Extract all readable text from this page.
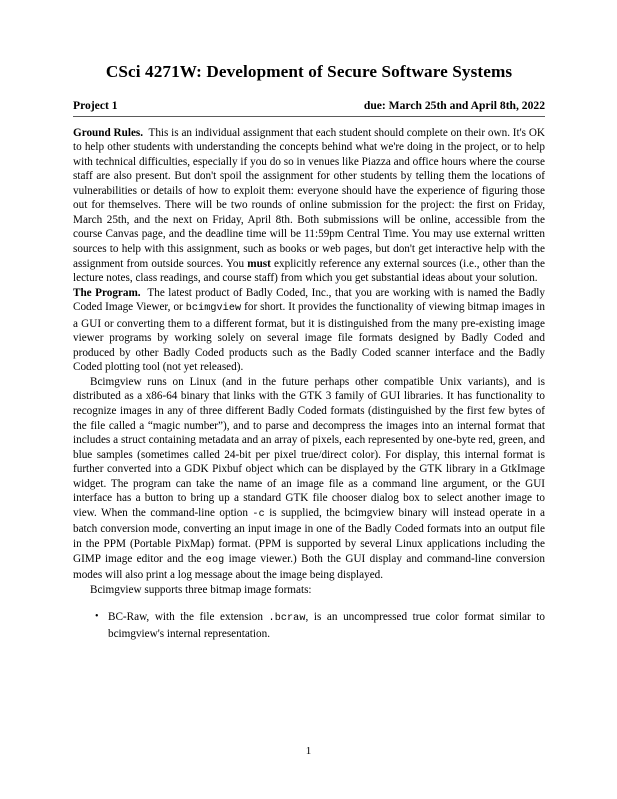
CSci 4271W: Development of Secure Software Systems
Project 1	due: March 25th and April 8th, 2022

Ground Rules. This is an individual assignment that each student should complete on their own. It's OK to help other students with understanding the concepts behind what we're doing in the project, or to help with technical difficulties, especially if you do so in venues like Piazza and office hours where the course staff are also present. But don't spoil the assignment for other students by telling them the locations of vulnerabilities or details of how to exploit them: everyone should have the experience of figuring those out for themselves. There will be two rounds of online submission for the project: the first on Friday, March 25th, and the next on Friday, April 8th. Both submissions will be online, accessible from the course Canvas page, and the deadline time will be 11:59pm Central Time. You may use external written sources to help with this assignment, such as books or web pages, but don't get interactive help with the assignment from outside sources. You must explicitly reference any external sources (i.e., other than the lecture notes, class readings, and course staff) from which you get substantial ideas about your solution.

The Program. The latest product of Badly Coded, Inc., that you are working with is named the Badly Coded Image Viewer, or bcimgview for short. It provides the functionality of viewing bitmap images in a GUI or converting them to a different format, but it is distinguished from the many pre-existing image viewer programs by working solely on several image file formats designed by Badly Coded and produced by other Badly Coded products such as the Badly Coded scanner interface and the Badly Coded plotting tool (not yet released).

Bcimgview runs on Linux (and in the future perhaps other compatible Unix variants), and is distributed as a x86-64 binary that links with the GTK 3 family of GUI libraries. It has functionality to recognize images in any of three different Badly Coded formats (distinguished by the first few bytes of the file called a “magic number”), and to parse and decompress the images into an internal format that includes a struct containing metadata and an array of pixels, each represented by one-byte red, green, and blue samples (sometimes called 24-bit per pixel true/direct color). For display, this internal format is further converted into a GDK Pixbuf object which can be displayed by the GTK library in a GtkImage widget. The program can take the name of an image file as a command line argument, or the GUI interface has a button to bring up a standard GTK file chooser dialog box to select another image to view. When the command-line option -c is supplied, the bcimgview binary will instead operate in a batch conversion mode, converting an input image in one of the Badly Coded formats into an output file in the PPM (Portable PixMap) format. (PPM is supported by several Linux applications including the GIMP image editor and the eog image viewer.) Both the GUI display and command-line conversion modes will also print a log message about the image being displayed.

Bcimgview supports three bitmap image formats:

• BC-Raw, with the file extension .bcraw, is an uncompressed true color format similar to bcimgview's internal representation.
1
